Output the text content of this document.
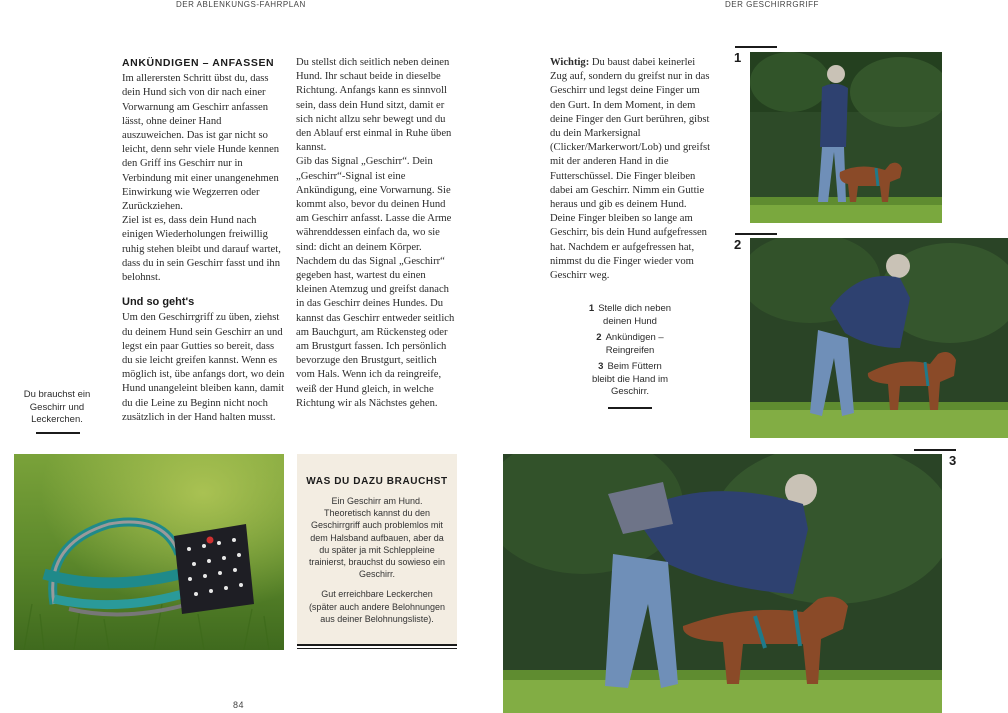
DER ABLENKUNGS-FAHRPLAN	DER GESCHIRRGRIFF
ANKÜNDIGEN – ANFASSEN

Im allerersten Schritt übst du, dass dein Hund sich von dir nach einer Vorwarnung am Geschirr anfassen lässt, ohne deiner Hand auszuweichen. Das ist gar nicht so leicht, denn sehr viele Hunde kennen den Griff ins Geschirr nur in Verbindung mit einer unangenehmen Einwirkung wie Wegzerren oder Zurückziehen.

Ziel ist es, dass dein Hund nach einigen Wiederholungen freiwillig ruhig stehen bleibt und darauf wartet, dass du in sein Geschirr fasst und ihn belohnst.

Und so geht's

Um den Geschirrgriff zu üben, ziehst du deinem Hund sein Geschirr an und legst ein paar Gutties so bereit, dass du sie leicht greifen kannst. Wenn es möglich ist, übe anfangs dort, wo dein Hund unangeleint bleiben kann, damit du die Leine zu Beginn nicht noch zusätzlich in der Hand halten musst.

Du stellst dich seitlich neben deinen Hund. Ihr schaut beide in dieselbe Richtung. Anfangs kann es sinnvoll sein, dass dein Hund sitzt, damit er sich nicht allzu sehr bewegt und du den Ablauf erst einmal in Ruhe üben kannst.

Gib das Signal „Geschirr“. Dein „Geschirr“-Signal ist eine Ankündigung, eine Vorwarnung. Sie kommt also, bevor du deinen Hund am Geschirr anfasst. Lasse die Arme währenddessen einfach da, wo sie sind: dicht an deinem Körper.

Nachdem du das Signal „Geschirr“ gegeben hast, wartest du einen kleinen Atemzug und greifst danach in das Geschirr deines Hundes. Du kannst das Geschirr entweder seitlich am Bauchgurt, am Rückensteg oder am Brustgurt fassen. Ich persönlich bevorzuge den Brustgurt, seitlich vom Hals. Wenn ich da reingreife, weiß der Hund gleich, in welche Richtung wir als Nächstes gehen.

Du brauchst ein Geschirr und Leckerchen.
WAS DU DAZU BRAUCHST
Ein Geschirr am Hund. Theoretisch kannst du den Geschirrgriff auch problemlos mit dem Halsband aufbauen, aber da du später ja mit Schleppleine trainierst, brauchst du sowieso ein Geschirr.
Gut erreichbare Leckerchen (später auch andere Belohnungen aus deiner Belohnungsliste).
84
Wichtig: Du baust dabei keinerlei Zug auf, sondern du greifst nur in das Geschirr und legst deine Finger um den Gurt. In dem Moment, in dem deine Finger den Gurt berühren, gibst du dein Markersignal (Clicker/Markerwort/Lob) und greifst mit der anderen Hand in die Futterschüssel. Die Finger bleiben dabei am Geschirr. Nimm ein Guttie heraus und gib es deinem Hund. Deine Finger bleiben so lange am Geschirr, bis dein Hund aufgefressen hat. Nachdem er aufgefressen hat, nimmst du die Finger wieder vom Geschirr weg.
1 Stelle dich neben deinen Hund
2 Ankündigen – Reingreifen
3 Beim Füttern bleibt die Hand im Geschirr.
1
2
3
